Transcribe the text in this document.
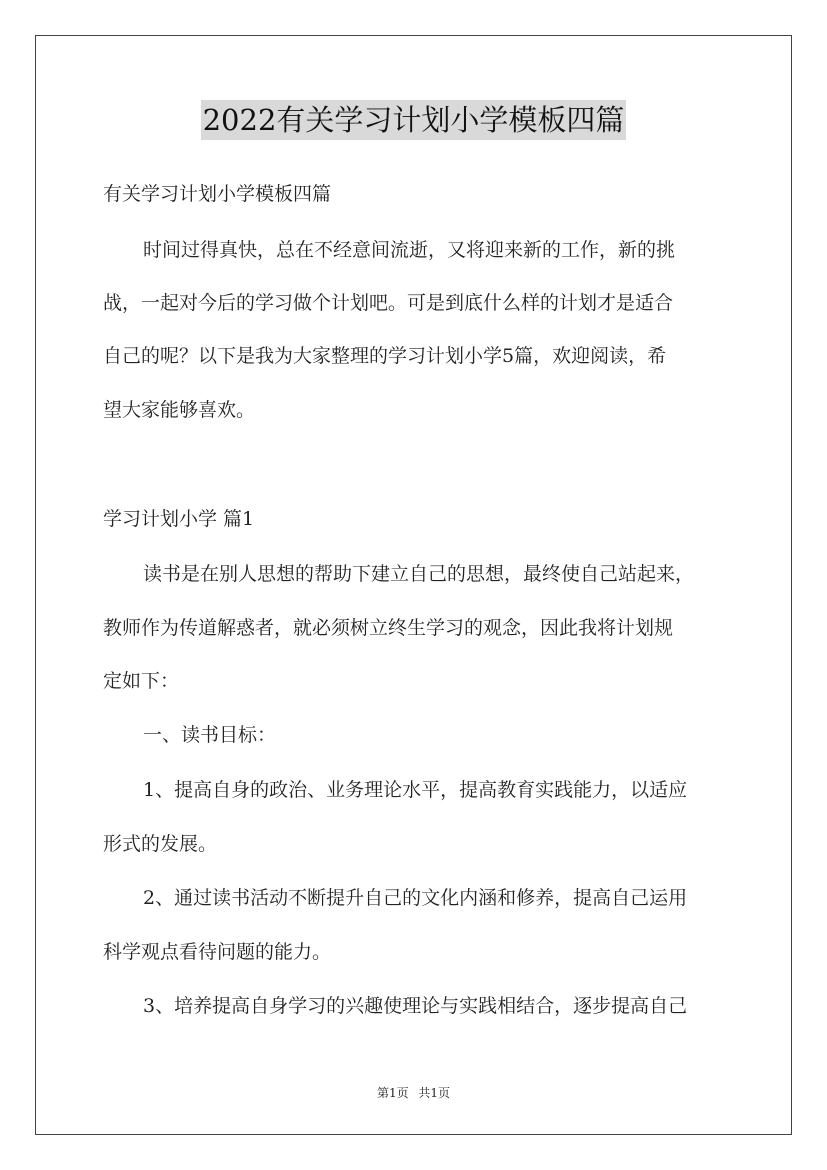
2022有关学习计划小学模板四篇
有关学习计划小学模板四篇
时间过得真快，总在不经意间流逝，又将迎来新的工作，新的挑
战，一起对今后的学习做个计划吧。可是到底什么样的计划才是适合
自己的呢？以下是我为大家整理的学习计划小学5篇，欢迎阅读，希
望大家能够喜欢。
学习计划小学 篇1
读书是在别人思想的帮助下建立自己的思想，最终使自己站起来，
教师作为传道解惑者，就必须树立终生学习的观念，因此我将计划规
定如下：
一、读书目标：
1、提高自身的政治、业务理论水平，提高教育实践能力，以适应
形式的发展。
2、通过读书活动不断提升自己的文化内涵和修养，提高自己运用
科学观点看待问题的能力。
3、培养提高自身学习的兴趣使理论与实践相结合，逐步提高自己
第1页 共1页
